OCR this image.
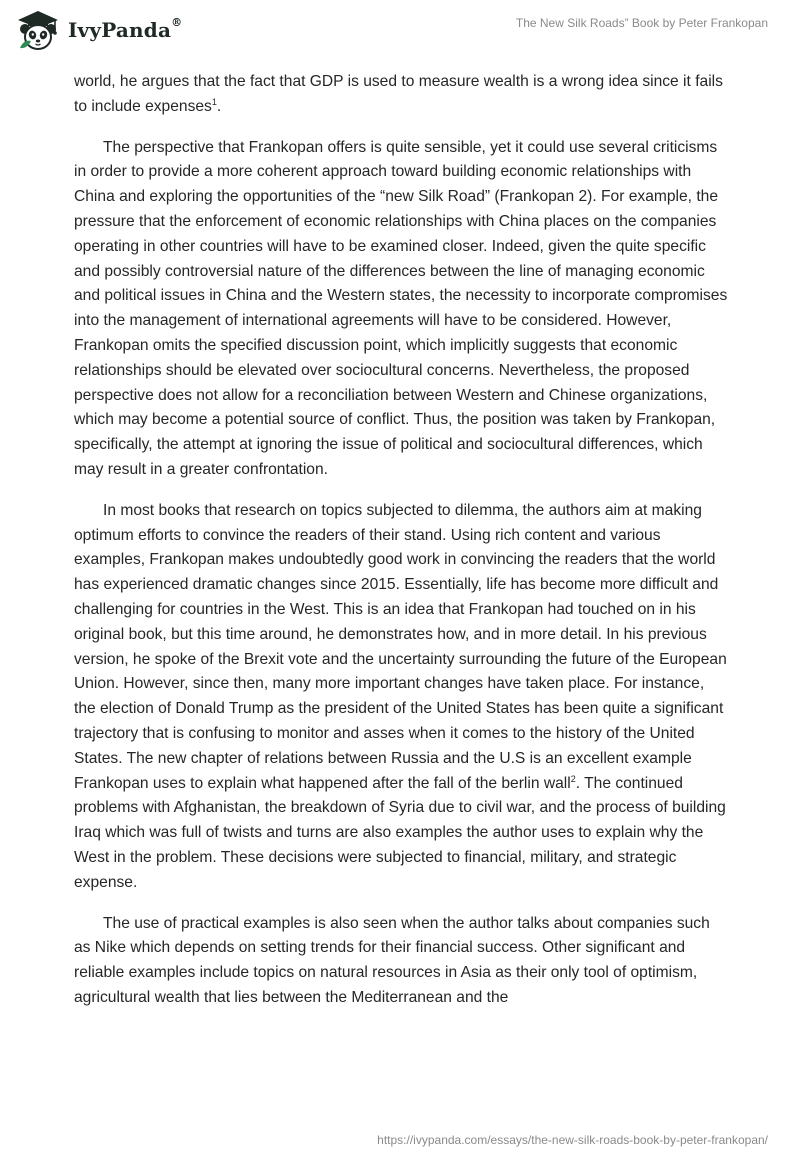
IvyPanda®	The New Silk Roads” Book by Peter Frankopan

world, he argues that the fact that GDP is used to measure wealth is a wrong idea since it fails to include expenses$^1$.

The perspective that Frankopan offers is quite sensible, yet it could use several criticisms in order to provide a more coherent approach toward building economic relationships with China and exploring the opportunities of the “new Silk Road” (Frankopan 2). For example, the pressure that the enforcement of economic relationships with China places on the companies operating in other countries will have to be examined closer. Indeed, given the quite specific and possibly controversial nature of the differences between the line of managing economic and political issues in China and the Western states, the necessity to incorporate compromises into the management of international agreements will have to be considered. However, Frankopan omits the specified discussion point, which implicitly suggests that economic relationships should be elevated over sociocultural concerns. Nevertheless, the proposed perspective does not allow for a reconciliation between Western and Chinese organizations, which may become a potential source of conflict. Thus, the position was taken by Frankopan, specifically, the attempt at ignoring the issue of political and sociocultural differences, which may result in a greater confrontation.

In most books that research on topics subjected to dilemma, the authors aim at making optimum efforts to convince the readers of their stand. Using rich content and various examples, Frankopan makes undoubtedly good work in convincing the readers that the world has experienced dramatic changes since 2015. Essentially, life has become more difficult and challenging for countries in the West. This is an idea that Frankopan had touched on in his original book, but this time around, he demonstrates how, and in more detail. In his previous version, he spoke of the Brexit vote and the uncertainty surrounding the future of the European Union. However, since then, many more important changes have taken place. For instance, the election of Donald Trump as the president of the United States has been quite a significant trajectory that is confusing to monitor and asses when it comes to the history of the United States. The new chapter of relations between Russia and the U.S is an excellent example Frankopan uses to explain what happened after the fall of the berlin wall$^2$. The continued problems with Afghanistan, the breakdown of Syria due to civil war, and the process of building Iraq which was full of twists and turns are also examples the author uses to explain why the West in the problem. These decisions were subjected to financial, military, and strategic expense.

The use of practical examples is also seen when the author talks about companies such as Nike which depends on setting trends for their financial success. Other significant and reliable examples include topics on natural resources in Asia as their only tool of optimism, agricultural wealth that lies between the Mediterranean and the

https://ivypanda.com/essays/the-new-silk-roads-book-by-peter-frankopan/
